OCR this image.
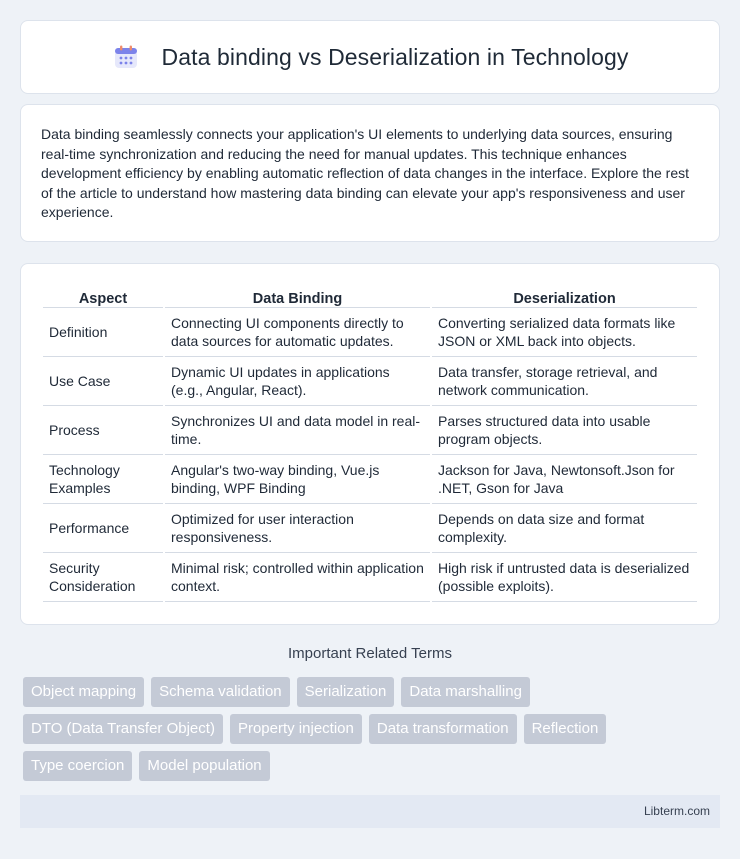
Data binding vs Deserialization in Technology

Data binding seamlessly connects your application's UI elements to underlying data sources, ensuring real-time synchronization and reducing the need for manual updates. This technique enhances development efficiency by enabling automatic reflection of data changes in the interface. Explore the rest of the article to understand how mastering data binding can elevate your app's responsiveness and user experience.

Aspect	Data Binding	Deserialization
Definition	Connecting UI components directly to data sources for automatic updates.	Converting serialized data formats like JSON or XML back into objects.
Use Case	Dynamic UI updates in applications (e.g., Angular, React).	Data transfer, storage retrieval, and network communication.
Process	Synchronizes UI and data model in real-time.	Parses structured data into usable program objects.
Technology Examples	Angular's two-way binding, Vue.js binding, WPF Binding	Jackson for Java, Newtonsoft.Json for .NET, Gson for Java
Performance	Optimized for user interaction responsiveness.	Depends on data size and format complexity.
Security Consideration	Minimal risk; controlled within application context.	High risk if untrusted data is deserialized (possible exploits).
Important Related Terms
Object mapping	Schema validation	Serialization	Data marshalling
DTO (Data Transfer Object)	Property injection	Data transformation	Reflection
Type coercion	Model population
Libterm.com
